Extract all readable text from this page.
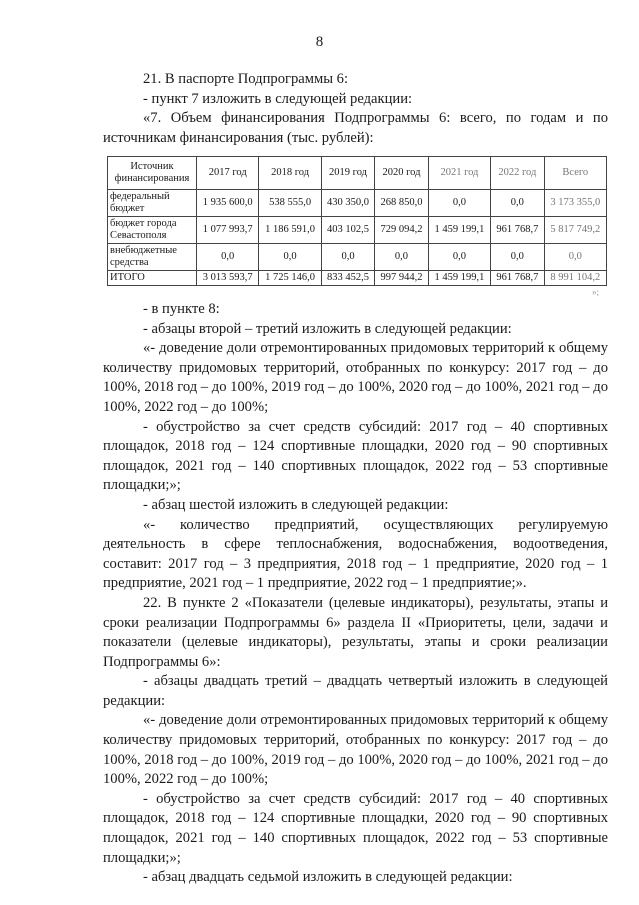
8

21. В паспорте Подпрограммы 6:

- пункт 7 изложить в следующей редакции:

«7. Объем финансирования Подпрограммы 6: всего, по годам и по источникам финансирования (тыс. рублей):

Источник финансирования	2017 год	2018 год	2019 год	2020 год	2021 год	2022 год	Всего
федеральный бюджет	1 935 600,0	538 555,0	430 350,0	268 850,0	0,0	0,0	3 173 355,0
бюджет города Севастополя	1 077 993,7	1 186 591,0	403 102,5	729 094,2	1 459 199,1	961 768,7	5 817 749,2
внебюджетные средства	0,0	0,0	0,0	0,0	0,0	0,0	0,0
ИТОГО	3 013 593,7	1 725 146,0	833 452,5	997 944,2	1 459 199,1	961 768,7	8 991 104,2
»;

- в пункте 8:

- абзацы второй – третий изложить в следующей редакции:

«- доведение доли отремонтированных придомовых территорий к общему количеству придомовых территорий, отобранных по конкурсу: 2017 год – до 100%, 2018 год – до 100%, 2019 год – до 100%, 2020 год – до 100%, 2021 год – до 100%, 2022 год – до 100%;

- обустройство за счет средств субсидий: 2017 год – 40 спортивных площадок, 2018 год – 124 спортивные площадки, 2020 год – 90 спортивных площадок, 2021 год – 140 спортивных площадок, 2022 год – 53 спортивные площадки;»;

- абзац шестой изложить в следующей редакции:

«- количество предприятий, осуществляющих регулируемую деятельность в сфере теплоснабжения, водоснабжения, водоотведения, составит: 2017 год – 3 предприятия, 2018 год – 1 предприятие, 2020 год – 1 предприятие, 2021 год – 1 предприятие, 2022 год – 1 предприятие;».

22. В пункте 2 «Показатели (целевые индикаторы), результаты, этапы и сроки реализации Подпрограммы 6» раздела II «Приоритеты, цели, задачи и показатели (целевые индикаторы), результаты, этапы и сроки реализации Подпрограммы 6»:

- абзацы двадцать третий – двадцать четвертый изложить в следующей редакции:

«- доведение доли отремонтированных придомовых территорий к общему количеству придомовых территорий, отобранных по конкурсу: 2017 год – до 100%, 2018 год – до 100%, 2019 год – до 100%, 2020 год – до 100%, 2021 год – до 100%, 2022 год – до 100%;

- обустройство за счет средств субсидий: 2017 год – 40 спортивных площадок, 2018 год – 124 спортивные площадки, 2020 год – 90 спортивных площадок, 2021 год – 140 спортивных площадок, 2022 год – 53 спортивные площадки;»;

- абзац двадцать седьмой изложить в следующей редакции:
